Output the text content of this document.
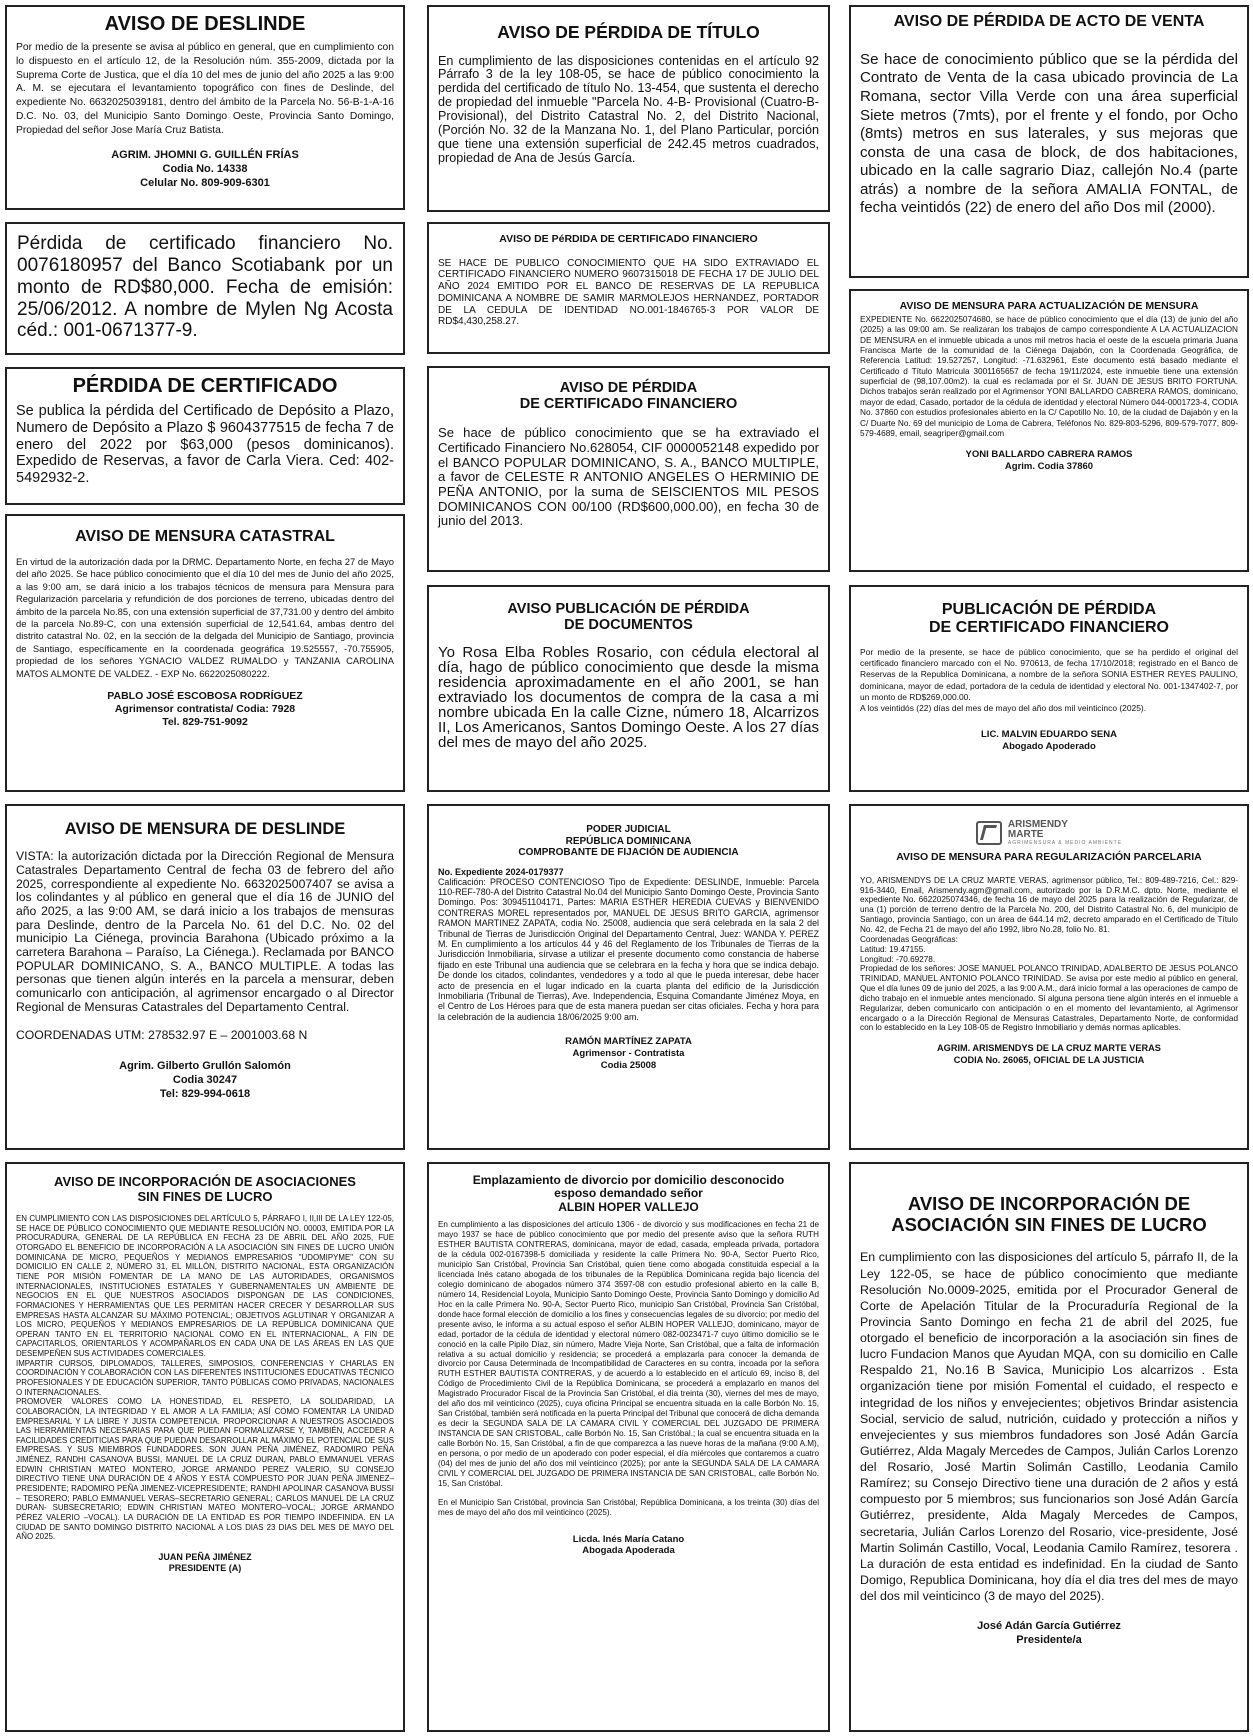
AVISO DE DESLINDE

Por medio de la presente se avisa al público en general, que en cumplimiento con lo dispuesto en el artículo 12, de la Resolución núm. 355-2009, dictada por la Suprema Corte de Justica, que el día 10 del mes de junio del año 2025 a las 9:00 A. M. se ejecutara el levantamiento topográfico con fines de Deslinde, del expediente No. 6632025039181, dentro del ámbito de la Parcela No. 56-B-1-A-16 D.C. No. 03, del Municipio Santo Domingo Oeste, Provincia Santo Domingo, Propiedad del señor Jose María Cruz Batista.

AGRIM. JHOMNI G. GUILLÉN FRÍAS
Codia No. 14338
Celular No. 809-909-6301

Pérdida de certificado financiero No. 0076180957 del Banco Scotiabank por un monto de RD$80,000. Fecha de emisión: 25/06/2012. A nombre de Mylen Ng Acosta céd.: 001-0671377-9.

PÉRDIDA DE CERTIFICADO

Se publica la pérdida del Certificado de Depósito a Plazo, Numero de Depósito a Plazo $ 9604377515 de fecha 7 de enero del 2022 por $63,000 (pesos dominicanos). Expedido de Reservas, a favor de Carla Viera. Ced: 402-5492932-2.

AVISO DE MENSURA CATASTRAL

En virtud de la autorización dada por la DRMC. Departamento Norte, en fecha 27 de Mayo del año 2025. Se hace público conocimiento que el día 10 del mes de Junio del año 2025, a las 9:00 am, se dará inicio a los trabajos técnicos de mensura para Mensura para Regularización parcelaria y refundición de dos porciones de terreno, ubicadas dentro del ámbito de la parcela No.85, con una extensión superficial de 37,731.00 y dentro del ámbito de la parcela No.89-C, con una extensión superficial de 12,541.64, ambas dentro del distrito catastral No. 02, en la sección de la delgada del Municipio de Santiago, provincia de Santiago, específicamente en la coordenada geográfica 19.525557, -70.755905, propiedad de los señores YGNACIO VALDEZ RUMALDO y TANZANIA CAROLINA MATOS ALMONTE DE VALDEZ. - EXP No. 6622025080222.

PABLO JOSÉ ESCOBOSA RODRÍGUEZ
Agrimensor contratista/ Codia: 7928
Tel. 829-751-9092
AVISO DE MENSURA DE DESLINDE

VISTA: la autorización dictada por la Dirección Regional de Mensura Catastrales Departamento Central de fecha 03 de febrero del año 2025, correspondiente al expediente No. 6632025007407 se avisa a los colindantes y al público en general que el día 16 de JUNIO del año 2025, a las 9:00 AM, se dará inicio a los trabajos de mensuras para Deslinde, dentro de la Parcela No. 61 del D.C. No. 02 del municipio La Ciénega, provincia Barahona (Ubicado próximo a la carretera Barahona – Paraíso, La Ciénega.). Reclamada por BANCO POPULAR DOMINICANO, S. A., BANCO MULTIPLE. A todas las personas que tienen algún interés en la parcela a mensurar, deben comunicarlo con anticipación, al agrimensor encargado o al Director Regional de Mensuras Catastrales del Departamento Central.

COORDENADAS UTM: 278532.97 E – 2001003.68 N

Agrim. Gilberto Grullón Salomón
Codia 30247
Tel: 829-994-0618
AVISO DE INCORPORACIÓN DE ASOCIACIONES
SIN FINES DE LUCRO

EN CUMPLIMIENTO CON LAS DISPOSICIONES DEL ARTÍCULO 5, PÁRRAFO I, II,III DE LA LEY 122-05, SE HACE DE PÚBLICO CONOCIMIENTO QUE MEDIANTE RESOLUCIÓN NO. 00003, EMITIDA POR LA PROCURADURA, GENERAL DE LA REPÚBLICA EN FECHA 23 DE ABRIL DEL AÑO 2025, FUE OTORGADO EL BENEFICIO DE INCORPORACIÓN A LA ASOCIACIÓN SIN FINES DE LUCRO UNIÓN DOMINICANA DE MICRO, PEQUEÑOS Y MEDIANOS EMPRESARIOS "UDOMIPYME" CON SU DOMICILIO EN CALLE 2, NÚMERO 31, EL MILLÓN, DISTRITO NACIONAL, ESTA ORGANIZACIÓN TIENE POR MISIÓN FOMENTAR DE LA MANO DE LAS AUTORIDADES, ORGANISMOS INTERNACIONALES, INSTITUCIONES ESTATALES Y GUBERNAMENTALES UN AMBIENTE DE NEGOCIOS EN EL QUE NUESTROS ASOCIADOS DISPONGAN DE LAS CONDICIONES, FORMACIONES Y HERRAMIENTAS QUE LES PERMITAN HACER CRECER Y DESARROLLAR SUS EMPRESAS HASTA ALCANZAR SU MÁXIMO POTENCIAL; OBJETIVOS AGLUTINAR Y ORGANIZAR A LOS MICRO, PEQUEÑOS Y MEDIANOS EMPRESARIOS DE LA REPÚBLICA DOMINICANA QUE OPERAN TANTO EN EL TERRITORIO NACIONAL COMO EN EL INTERNACIONAL, A FIN DE CAPACITARLOS, ORIENTARLOS Y ACOMPAÑARLOS EN CADA UNA DE LAS ÁREAS EN LAS QUE DESEMPEÑEN SUS ACTIVIDADES COMERCIALES.

IMPARTIR CURSOS, DIPLOMADOS, TALLERES, SIMPOSIOS, CONFERENCIAS Y CHARLAS EN COORDINACIÓN Y COLABORACIÓN CON LAS DIFERENTES INSTITUCIONES EDUCATIVAS TÉCNICO PROFESIONALES Y DE EDUCACIÓN SUPERIOR, TANTO PÚBLICAS COMO PRIVADAS, NACIONALES O INTERNACIONALES.

PROMOVER VALORES COMO LA HONESTIDAD, EL RESPETO, LA SOLIDARIDAD, LA COLABORACIÓN, LA INTEGRIDAD Y EL AMOR A LA FAMILIA; ASÍ COMO FOMENTAR LA UNIDAD EMPRESARIAL Y LA LIBRE Y JUSTA COMPETENCIA. PROPORCIONAR A NUESTROS ASOCIADOS LAS HERRAMIENTAS NECESARIAS PARA QUE PUEDAN FORMALIZARSE Y, TAMBIÉN, ACCEDER A FACILIDADES CREDITICIAS PARA QUE PUEDAN DESARROLLAR AL MÁXIMO EL POTENCIAL DE SUS EMPRESAS. Y SUS MIEMBROS FUNDADORES. SON JUAN PEÑA JIMÉNEZ, RADOMIRO PEÑA JIMÉNEZ, RANDHI CASANOVA BUSSI, MANUEL DE LA CRUZ DURAN, PABLO EMMANUEL VERAS EDWIN CHRISTIAN MATEO MONTERO, JORGE ARMANDO PEREZ VALERIO, SU CONSEJO DIRECTIVO TIENE UNA DURACIÓN DE 4 AÑOS Y ESTÁ COMPUESTO POR JUAN PEÑA JIMENEZ–PRESIDENTE; RADOMIRO PEÑA JIMENEZ-VICEPRESIDENTE; RANDHI APOLINAR CASANOVA BUSSI – TESORERO; PABLO EMMANUEL VERAS–SECRETARIO GENERAL; CARLOS MANUEL DE LA CRUZ DURAN- SUBSECRETARIO; EDWIN CHRISTIAN MATEO MONTERO–VOCAL; JORGE ARMANDO PÉREZ VALERIO –VOCAL). LA DURACIÓN DE LA ENTIDAD ES POR TIEMPO INDEFINIDA. EN LA CIUDAD DE SANTO DOMINGO DISTRITO NACIONAL A LOS DIAS 23 DIAS DEL MES DE MAYO DEL AÑO 2025.

JUAN PEÑA JIMÉNEZ
PRESIDENTE (A)
AVISO DE PÉRDIDA DE TÍTULO

En cumplimiento de las disposiciones contenidas en el artículo 92 Párrafo 3 de la ley 108-05, se hace de público conocimiento la perdida del certificado de título No. 13-454, que sustenta el derecho de propiedad del inmueble "Parcela No. 4-B- Provisional (Cuatro-B-Provisional), del Distrito Catastral No. 2, del Distrito Nacional, (Porción No. 32 de la Manzana No. 1, del Plano Particular, porción que tiene una extensión superficial de 242.45 metros cuadrados, propiedad de Ana de Jesús García.

AVISO DE PéRDIDA DE CERTIFICADO FINANCIERO

SE HACE DE PUBLICO CONOCIMIENTO QUE HA SIDO EXTRAVIADO EL CERTIFICADO FINANCIERO NUMERO 9607315018 DE FECHA 17 DE JULIO DEL AÑO 2024 EMITIDO POR EL BANCO DE RESERVAS DE LA REPUBLICA DOMINICANA A NOMBRE DE SAMIR MARMOLEJOS HERNANDEZ, PORTADOR DE LA CEDULA DE IDENTIDAD NO.001-1846765-3 POR VALOR DE RD$4,430,258.27.

AVISO DE PÉRDIDA
DE CERTIFICADO FINANCIERO

Se hace de público conocimiento que se ha extraviado el Certificado Financiero No.628054, CIF 0000052148 expedido por el BANCO POPULAR DOMINICANO, S. A., BANCO MULTIPLE, a favor de CELESTE R ANTONIO ANGELES O HERMINIO DE PEÑA ANTONIO, por la suma de SEISCIENTOS MIL PESOS DOMINICANOS CON 00/100 (RD$600,000.00), en fecha 30 de junio del 2013.

AVISO PUBLICACIÓN DE PÉRDIDA
DE DOCUMENTOS

Yo Rosa Elba Robles Rosario, con cédula electoral al día, hago de público conocimiento que desde la misma residencia aproximadamente en el año 2001, se han extraviado los documentos de compra de la casa a mi nombre ubicada En la calle Cizne, número 18, Alcarrizos II, Los Americanos, Santos Domingo Oeste. A los 27 días del mes de mayo del año 2025.

PODER JUDICIAL
REPÚBLICA DOMINICANA
COMPROBANTE DE FIJACIÓN DE AUDIENCIA
No. Expediente 2024-0179377

Calificación: PROCESO CONTENCIOSO Tipo de Expediente: DESLINDE, Inmueble: Parcela 110-REF-780-A del Distrito Catastral No.04 del Municipio Santo Domingo Oeste, Provincia Santo Domingo. Pos: 309451104171, Partes: MARIA ESTHER HEREDIA CUEVAS y BIENVENIDO CONTRERAS MOREL representados por, MANUEL DE JESUS BRITO GARCIA, agrimensor RAMON MARTINEZ ZAPATA, codia No. 25008, audiencia que será celebrada en la sala 2 del Tribunal de Tierras de Jurisdicción Original del Departamento Central, Juez: WANDA Y. PEREZ M. En cumplimiento a los artículos 44 y 46 del Reglamento de los Tribunales de Tierras de la Jurisdicción Inmobiliaria, sírvase a utilizar el presente documento como constancia de haberse fijado en este Tribunal una audiencia que se celebrara en la fecha y hora que se indica debajo. De donde los citados, colindantes, vendedores y a todo al que le pueda interesar, debe hacer acto de presencia en el lugar indicado en la cuarta planta del edificio de la Jurisdicción Inmobiliaria (Tribunal de Tierras), Ave. Independencia, Esquina Comandante Jiménez Moya, en el Centro de Los Héroes para que de esta manera puedan ser citas oficiales. Fecha y hora para la celebración de la audiencia 18/06/2025 9:00 am.

RAMÓN MARTÍNEZ ZAPATA
Agrimensor - Contratista
Codia 25008
Emplazamiento de divorcio por domicilio desconocido
esposo demandado señor
ALBIN HOPER VALLEJO

En cumplimiento a las disposiciones del artículo 1306 - de divorcio y sus modificaciones en fecha 21 de mayo 1937 se hace de público conocimiento que por medio del presente aviso que la señora RUTH ESTHER BAUTISTA CONTRERAS, dominicana, mayor de edad, casada, empleada privada, portadora de la cédula 002-0167398-5 domiciliada y residente la calle Primera No. 90-A, Sector Puerto Rico, municipio San Cristóbal, Provincia San Cristóbal, quien tiene como abogada constituida especial a la licenciada Inés catano abogada de los tribunales de la República Dominicana regida bajo licencia del colegio dominicano de abogados número 374 3597-08 con estudio profesional abierto en la calle B, número 14, Residencial Loyola, Municipio Santo Domingo Oeste, Provincia Santo Domingo y domicilio Ad Hoc en la calle Primera No. 90-A, Sector Puerto Rico, municipio San Cristóbal, Provincia San Cristóbal, donde hace formal elección de domicilio a los fines y consecuencias legales de su divorcio; por medio del presente aviso, le informa a su actual esposo el señor ALBIN HOPER VALLEJO, dominicano, mayor de edad, portador de la cédula de identidad y electoral número 082-0023471-7 cuyo último domicilio se le conoció en la calle Pipilo Díaz, sin número, Madre Vieja Norte, San Cristóbal, que a falta de información relativa a su actual domicilio y residencia; se procederá a emplazarla para conocer la demanda de divorcio por Causa Determinada de Incompatibilidad de Caracteres en su contra, incoada por la señora RUTH ESTHER BAUTISTA CONTRERAS, y de acuerdo a lo establecido en el artículo 69, inciso 8, del Código de Procedimiento Civil de la República Dominicana, se procederá a emplazarlo en manos del Magistrado Procurador Fiscal de la Provincia San Cristóbal, el día treinta (30), viernes del mes de mayo, del año dos mil veinticinco (2025), cuya oficina Principal se encuentra situada en la calle Borbón No. 15, San Cristóbal, también será notificada en la puerta Principal del Tribunal que conocerá de dicha demanda es decir la SEGUNDA SALA DE LA CAMARA CIVIL Y COMERCIAL DEL JUZGADO DE PRIMERA INSTANCIA DE SAN CRISTOBAL, calle Borbón No. 15, San Cristóbal.; la cual se encuentra situada en la calle Borbón No. 15, San Cristóbal, a fin de que comparezca a las nueve horas de la mañana (9:00 A.M), en persona, o por medio de un apoderado con poder especial, el día miércoles que contaremos a cuatro (04) del mes de junio del año dos mil veinticinco (2025); por ante la SEGUNDA SALA DE LA CAMARA CIVIL Y COMERCIAL DEL JUZGADO DE PRIMERA INSTANCIA DE SAN CRISTOBAL, calle Borbón No. 15, San Cristóbal.

En el Municipio San Cristóbal, provincia San Cristóbal, República Dominicana, a los treinta (30) días del mes de mayo del año dos mil veinticinco (2025).

Licda. Inés María Catano
Abogada Apoderada
AVISO DE PÉRDIDA DE ACTO DE VENTA

Se hace de conocimiento público que se la pérdida del Contrato de Venta de la casa ubicado provincia de La Romana, sector Villa Verde con una área superficial Siete metros (7mts), por el frente y el fondo, por Ocho (8mts) metros en sus laterales, y sus mejoras que consta de una casa de block, de dos habitaciones, ubicado en la calle sagrario Diaz, callejón No.4 (parte atrás) a nombre de la señora AMALIA FONTAL, de fecha veintidós (22) de enero del año Dos mil (2000).

AVISO DE MENSURA PARA ACTUALIZACIÓN DE MENSURA

EXPEDIENTE No. 6622025074680, se hace de público conocimiento que el día (13) de junio del año (2025) a las 09:00 am. Se realizaran los trabajos de campo correspondiente A LA ACTUALIZACION DE MENSURA en el inmueble ubicada a unos mil metros hacia el oeste de la escuela primaria Juana Francisca Marte de la comunidad de la Ciénega Dajabón, con la Coordenada Geográfica, de Referencia Latitud: 19.527257, Longitud: -71.632961, Este documento está basado mediante el Certificado d Título Matricula 3001165657 de fecha 19/11/2024, este inmueble tiene una extensión superficial de (98,107.00m2). la cual es reclamada por el Sr. JUAN DE JESUS BRITO FORTUNA. Dichos trabajos serán realizado por el Agrimensor YONI BALLARDO CABRERA RAMOS, dominicano, mayor de edad, Casado, portador de la cédula de identidad y electoral Número 044-0001723-4, CODIA No. 37860 con estudios profesionales abierto en la C/ Capotillo No. 10, de la ciudad de Dajabón y en la C/ Duarte No. 69 del municipio de Loma de Cabrera, Teléfonos No. 829-803-5296, 809-579-7077, 809-579-4689, email, seagriper@gmail.com

YONI BALLARDO CABRERA RAMOS
Agrim. Codia 37860
PUBLICACIÓN DE PÉRDIDA
DE CERTIFICADO FINANCIERO

Por medio de la presente, se hace de público conocimiento, que se ha perdido el original del certificado financiero marcado con el No. 970613, de fecha 17/10/2018; registrado en el Banco de Reservas de la Republica Dominicana, a nombre de la señora SONIA ESTHER REYES PAULINO, dominicana, mayor de edad, portadora de la cedula de identidad y electoral No. 001-1347402-7, por un monto de RD$269,000.00.

A los veintidós (22) días del mes de mayo del año dos mil veinticinco (2025).

LIC. MALVIN EDUARDO SENA
Abogado Apoderado
ARISMENDY
MARTE
AGRIMENSURA & MEDIO AMBIENTE
AVISO DE MENSURA PARA REGULARIZACIÓN PARCELARIA

YO, ARISMENDYS DE LA CRUZ MARTE VERAS, agrimensor público, Tel.: 809-489-7216, Cel.: 829-916-3440, Email, Arismendy.agm@gmail.com, autorizado por la D.R.M.C. dpto. Norte, mediante el expediente No. 6622025074346, de fecha 16 de mayo del 2025 para la realización de Regularizar, de una (1) porción de terreno dentro de la Parcela No. 200, del Distrito Catastral No. 6, del municipio de Santiago, provincia Santiago, con un área de 644.14 m2, decreto amparado en el Certificado de Título No. 42, de Fecha 21 de mayo del año 1992, libro No.28, folio No. 81.

Coordenadas Geográficas:
Latitud: 19.47155.
Longitud: -70.69278.

Propiedad de los señores: JOSE MANUEL POLANCO TRINIDAD, ADALBERTO DE JESUS POLANCO TRINIDAD, MANUEL ANTONIO POLANCO TRINIDAD. Se avisa por este medio al público en general, Que el día lunes 09 de junio del 2025, a las 9:00 A.M., dará inicio formal a las operaciones de campo de dicho trabajo en el inmueble antes mencionado. Si alguna persona tiene algún interés en el inmueble a Regularizar, deben comunicarlo con anticipación o en el momento del levantamiento, al Agrimensor encargado o a la Dirección Regional de Mensuras Catastrales, Departamento Norte, de conformidad con lo establecido en la Ley 108-05 de Registro Inmobiliario y demás normas aplicables.

AGRIM. ARISMENDYS DE LA CRUZ MARTE VERAS
CODIA No. 26065, OFICIAL DE LA JUSTICIA
AVISO DE INCORPORACIÓN DE
ASOCIACIÓN SIN FINES DE LUCRO

En cumplimiento con las disposiciones del artículo 5, párrafo II, de la Ley 122-05, se hace de público conocimiento que mediante Resolución No.0009-2025, emitida por el Procurador General de Corte de Apelación Titular de la Procuraduría Regional de la Provincia Santo Domingo en fecha 21 de abril del 2025, fue otorgado el beneficio de incorporación a la asociación sin fines de lucro Fundacion Manos que Ayudan MQA, con su domicilio en Calle Respaldo 21, No.16 B Savica, Municipio Los alcarrizos . Esta organización tiene por misión Fomental el cuidado, el respecto e integridad de los niños y envejecientes; objetivos Brindar asistencia Social, servicio de salud, nutrición, cuidado y protección a niños y envejecientes y sus miembros fundadores son José Adán García Gutiérrez, Alda Magaly Mercedes de Campos, Julián Carlos Lorenzo del Rosario, José Martin Solimán Castillo, Leodania Camilo Ramírez; su Consejo Directivo tiene una duración de 2 años y está compuesto por 5 miembros; sus funcionarios son José Adán García Gutiérrez, presidente, Alda Magaly Mercedes de Campos, secretaria, Julián Carlos Lorenzo del Rosario, vice-presidente, José Martin Solimán Castillo, Vocal, Leodania Camilo Ramírez, tesorera . La duración de esta entidad es indefinidad. En la ciudad de Santo Domigo, Republica Dominicana, hoy día el dia tres del mes de mayo del dos mil veinticinco (3 de mayo del 2025).

José Adán García Gutiérrez
Presidente/a
